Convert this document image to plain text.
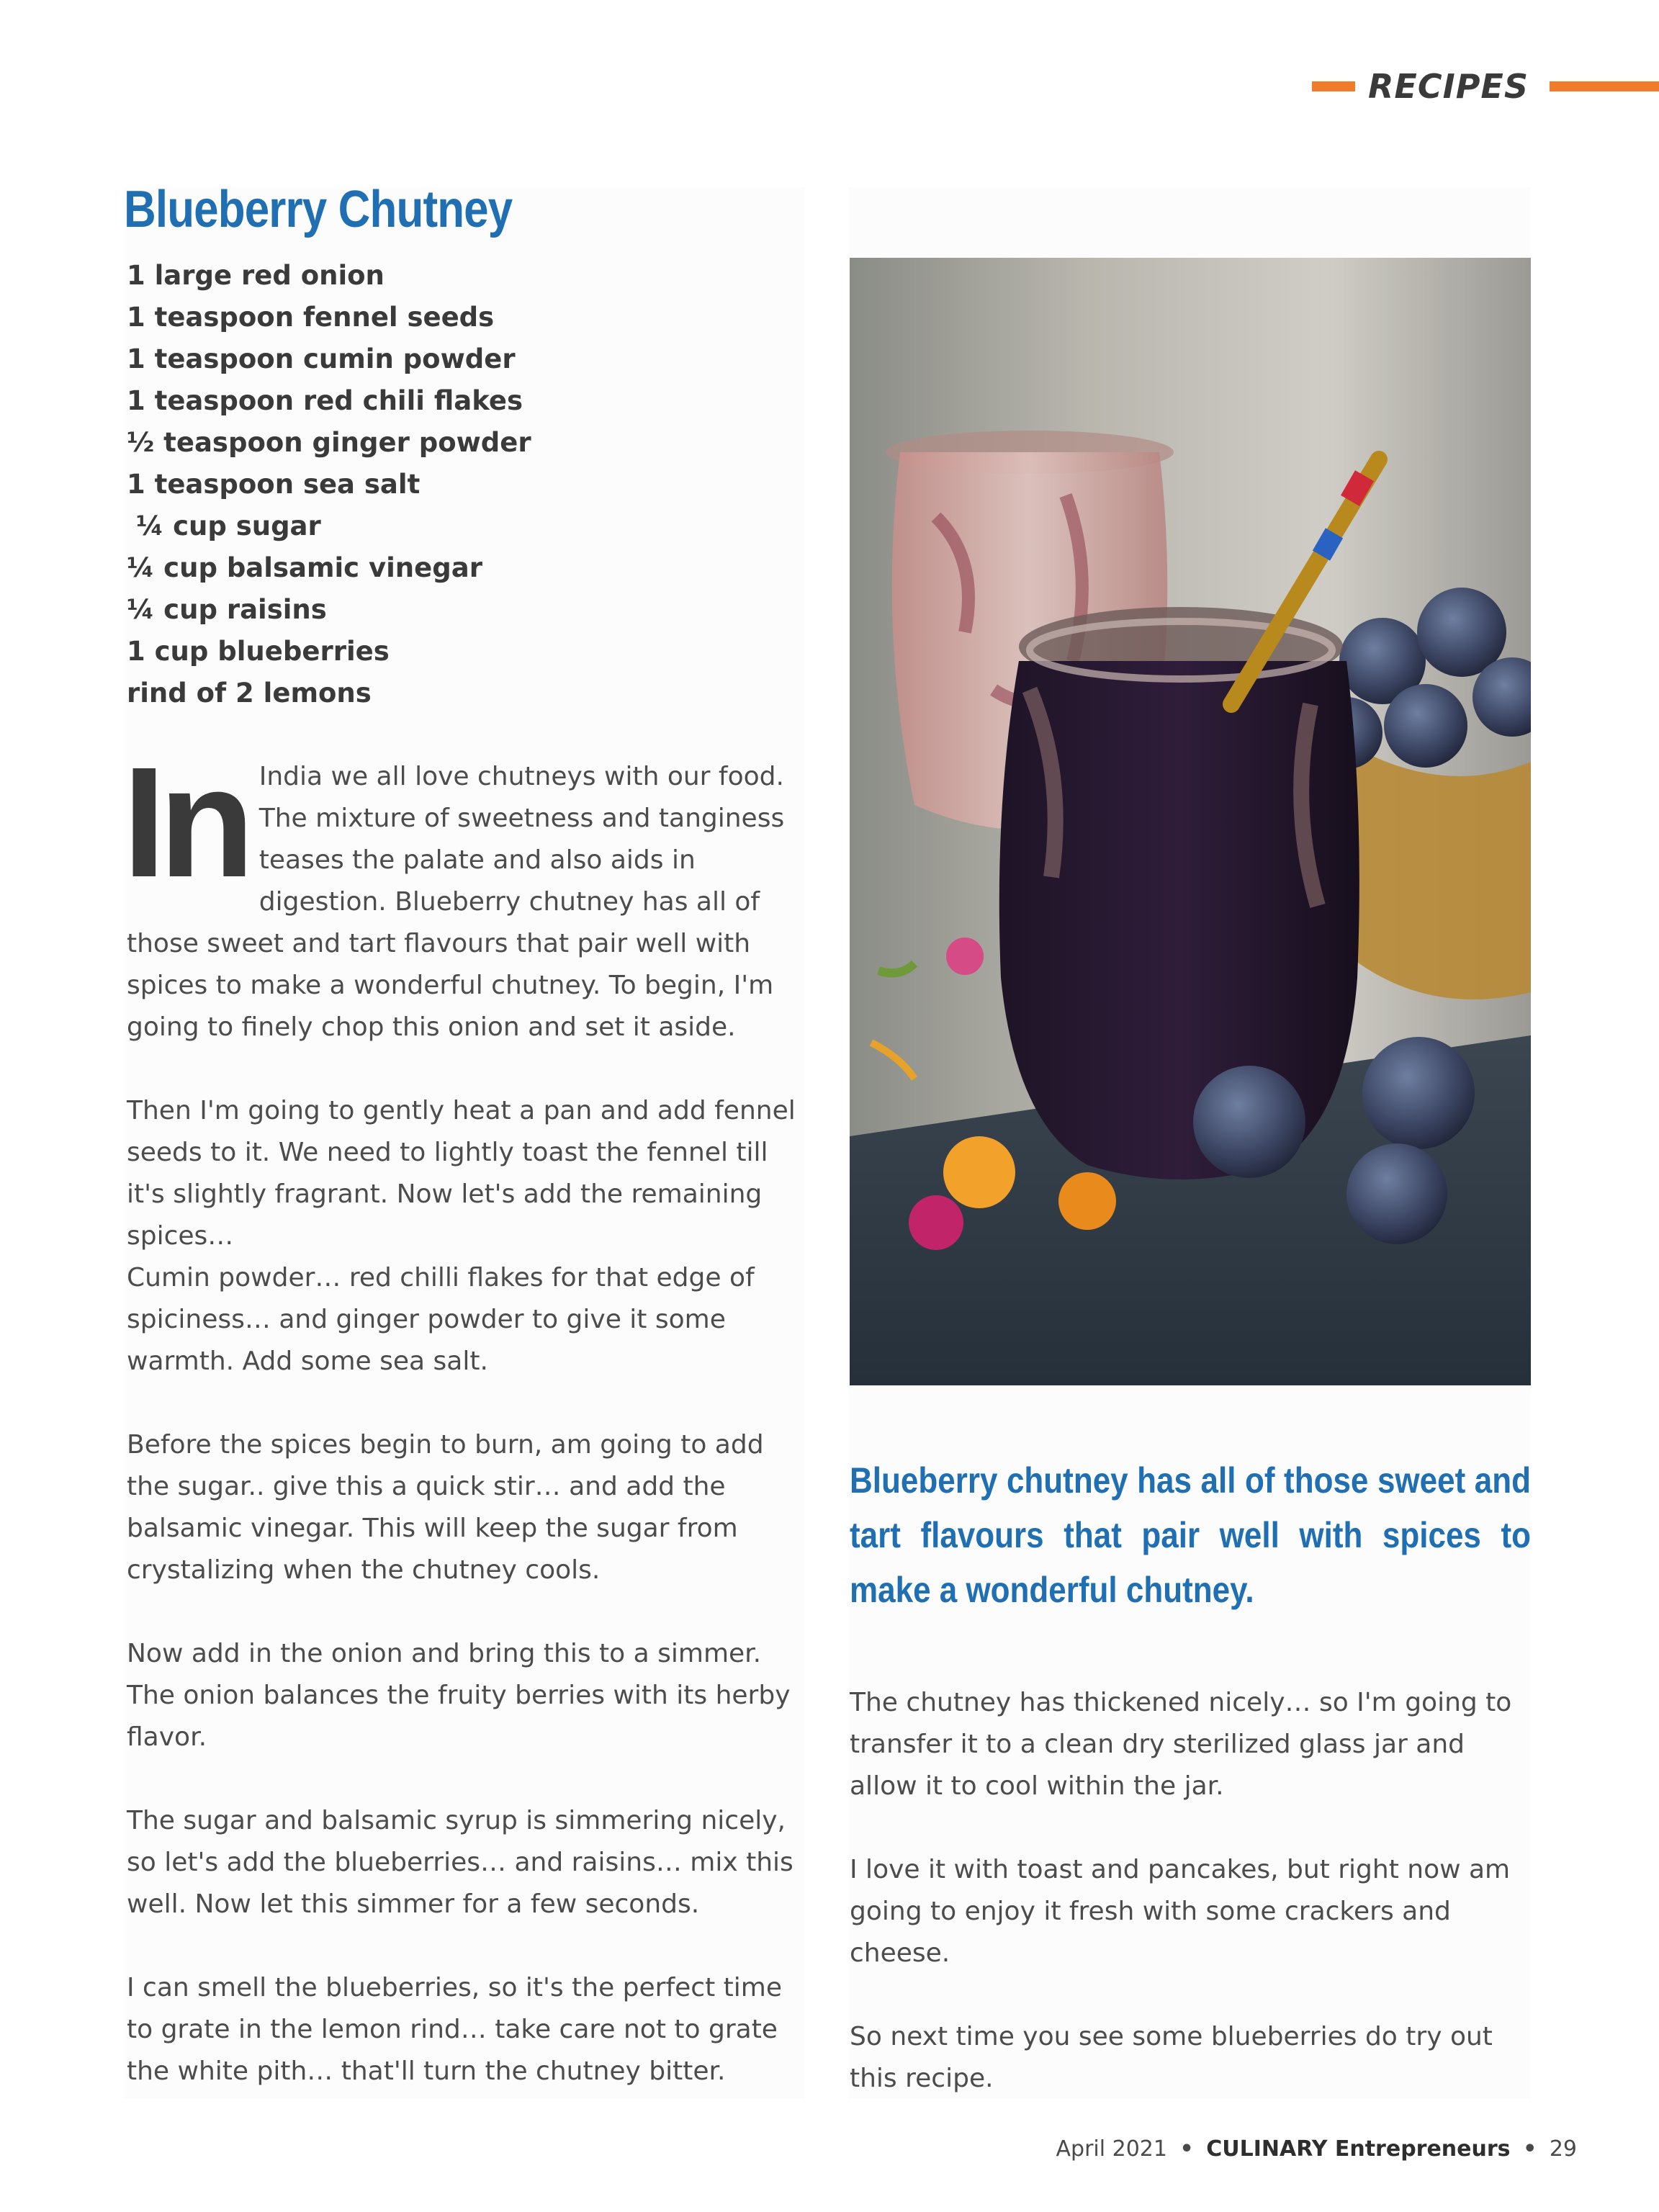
RECIPES
Blueberry Chutney
1 large red onion
1 teaspoon fennel seeds
1 teaspoon cumin powder
1 teaspoon red chili flakes
½ teaspoon ginger powder
1 teaspoon sea salt
¼ cup sugar
¼ cup balsamic vinegar
¼ cup raisins
1 cup blueberries
rind of 2 lemons

In India we all love chutneys with our food. The mixture of sweetness and tanginess teases the palate and also aids in digestion. Blueberry chutney has all of those sweet and tart flavours that pair well with spices to make a wonderful chutney. To begin, I'm going to finely chop this onion and set it aside.

Then I'm going to gently heat a pan and add fennel seeds to it. We need to lightly toast the fennel till it's slightly fragrant. Now let's add the remaining spices…
Cumin powder… red chilli flakes for that edge of spiciness… and ginger powder to give it some warmth. Add some sea salt.

Before the spices begin to burn, am going to add the sugar.. give this a quick stir… and add the balsamic vinegar. This will keep the sugar from crystalizing when the chutney cools.

Now add in the onion and bring this to a simmer. The onion balances the fruity berries with its herby flavor.

The sugar and balsamic syrup is simmering nicely, so let's add the blueberries… and raisins… mix this well. Now let this simmer for a few seconds.

I can smell the blueberries, so it's the perfect time to grate in the lemon rind… take care not to grate the white pith… that'll turn the chutney bitter.

Blueberry chutney has all of those sweet and tart flavours that pair well with spices to make a wonderful chutney.

The chutney has thickened nicely… so I'm going to transfer it to a clean dry sterilized glass jar and allow it to cool within the jar.

I love it with toast and pancakes, but right now am going to enjoy it fresh with some crackers and cheese.

So next time you see some blueberries do try out this recipe.

April 2021 • CULINARY Entrepreneurs • 29
